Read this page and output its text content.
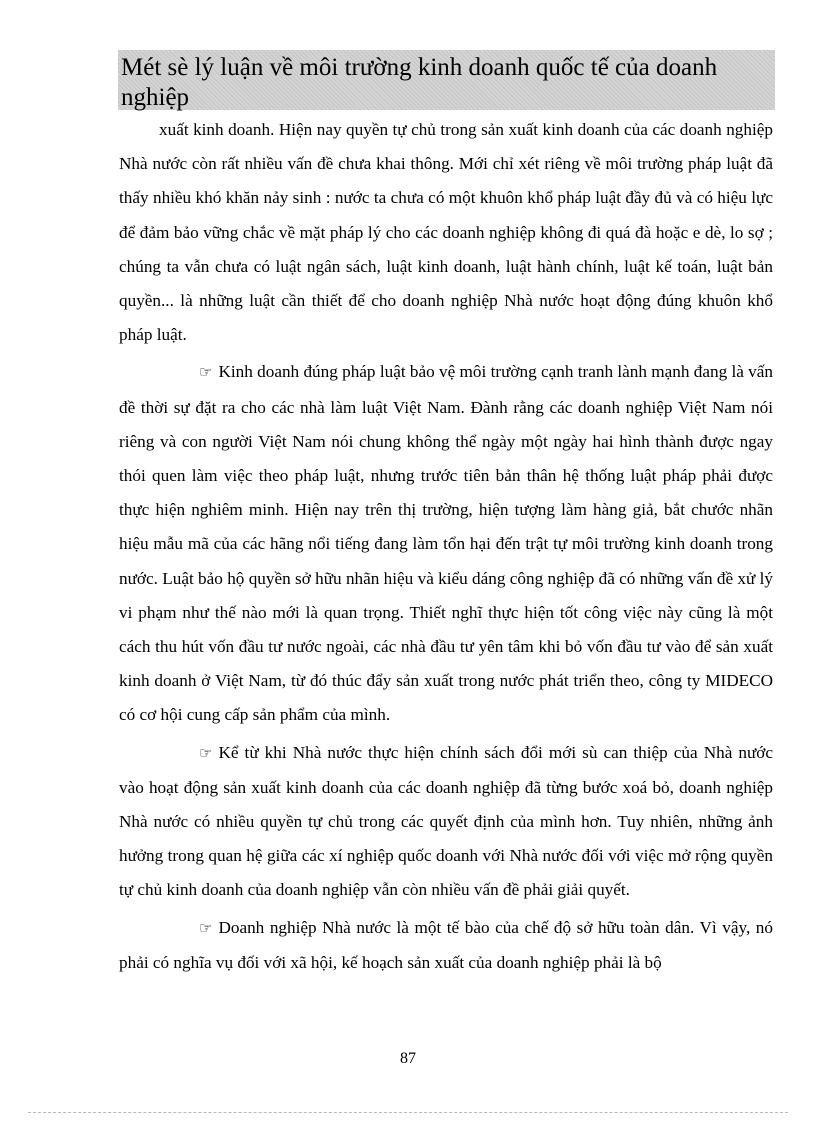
Mét sè lý luận về môi trường kinh doanh quốc tế của doanh nghiệp

xuất kinh doanh. Hiện nay quyền tự chủ trong sản xuất kinh doanh của các doanh nghiệp Nhà nước còn rất nhiều vấn đề chưa khai thông. Mới chỉ xét riêng về môi trường pháp luật đã thấy nhiều khó khăn nảy sinh : nước ta chưa có một khuôn khổ pháp luật đầy đủ và có hiệu lực để đảm bảo vững chắc về mặt pháp lý cho các doanh nghiệp không đi quá đà hoặc e dè, lo sợ ; chúng ta vẫn chưa có luật ngân sách, luật kinh doanh, luật hành chính, luật kế toán, luật bản quyền... là những luật cần thiết để cho doanh nghiệp Nhà nước hoạt động đúng khuôn khổ pháp luật.

☞ Kinh doanh đúng pháp luật bảo vệ môi trường cạnh tranh lành mạnh đang là vấn đề thời sự đặt ra cho các nhà làm luật Việt Nam. Đành rằng các doanh nghiệp Việt Nam nói riêng và con người Việt Nam nói chung không thể ngày một ngày hai hình thành được ngay thói quen làm việc theo pháp luật, nhưng trước tiên bản thân hệ thống luật pháp phải được thực hiện nghiêm minh. Hiện nay trên thị trường, hiện tượng làm hàng giả, bắt chước nhãn hiệu mẫu mã của các hãng nổi tiếng đang làm tổn hại đến trật tự môi trường kinh doanh trong nước. Luật bảo hộ quyền sở hữu nhãn hiệu và kiểu dáng công nghiệp đã có những vấn đề xử lý vi phạm như thế nào mới là quan trọng. Thiết nghĩ thực hiện tốt công việc này cũng là một cách thu hút vốn đầu tư nước ngoài, các nhà đầu tư yên tâm khi bỏ vốn đầu tư vào để sản xuất kinh doanh ở Việt Nam, từ đó thúc đẩy sản xuất trong nước phát triển theo, công ty MIDECO có cơ hội cung cấp sản phẩm của mình.

☞ Kể từ khi Nhà nước thực hiện chính sách đổi mới sù can thiệp của Nhà nước vào hoạt động sản xuất kinh doanh của các doanh nghiệp đã từng bước xoá bỏ, doanh nghiệp Nhà nước có nhiều quyền tự chủ trong các quyết định của mình hơn. Tuy nhiên, những ảnh hưởng trong quan hệ giữa các xí nghiệp quốc doanh với Nhà nước đối với việc mở rộng quyền tự chủ kinh doanh của doanh nghiệp vẫn còn nhiều vấn đề phải giải quyết.

☞ Doanh nghiệp Nhà nước là một tế bào của chế độ sở hữu toàn dân. Vì vậy, nó phải có nghĩa vụ đối với xã hội, kế hoạch sản xuất của doanh nghiệp phải là bộ

87
